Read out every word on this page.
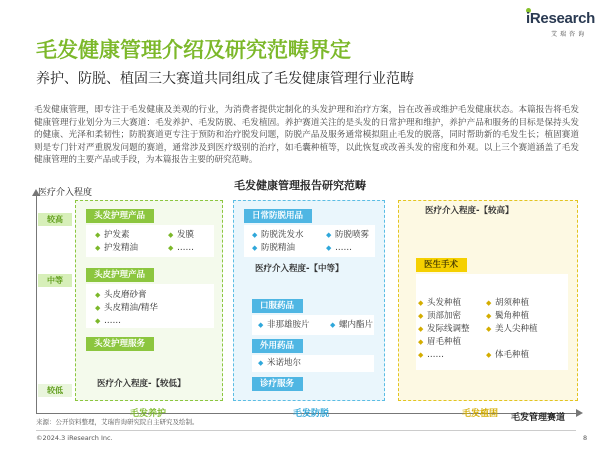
iResearch
艾瑞咨询
毛发健康管理介绍及研究范畴界定
养护、防脱、植固三大赛道共同组成了毛发健康管理行业范畴
毛发健康管理，即专注于毛发健康及美观的行业，为消费者提供定制化的头发护理和治疗方案，旨在改善或维护毛发健康状态。本篇报告将毛发健康管理行业划分为三大赛道：毛发养护、毛发防脱、毛发植固。养护赛道关注的是头发的日常护理和维护，养护产品和服务的目标是保持头发的健康、光泽和柔韧性；防脱赛道更专注于预防和治疗脱发问题，防脱产品及服务通常模拟阻止毛发的脱落，同时帮助新的毛发生长；植固赛道则是专门针对严重脱发问题的赛道，通常涉及到医疗级别的治疗，如毛囊种植等，以此恢复或改善头发的密度和外观。以上三个赛道涵盖了毛发健康管理的主要产品或手段，为本篇报告主要的研究范畴。
毛发健康管理报告研究范畴
医疗介入程度
毛发管理赛道
较高
中等
较低
头发护理产品
◆ 护发素	◆ 发膜
◆ 护发精油	◆ ……
头皮护理产品
◆ 头皮磨砂膏
◆ 头皮精油/精华
◆ ……
头发护理服务
医疗介入程度-【较低】
日常防脱用品
◆ 防脱洗发水	◆ 防脱喷雾
◆ 防脱精油	◆ ……
医疗介入程度-【中等】
口服药品
◆ 非那雄胺片	◆ 螺内酯片
外用药品
◆ 米诺地尔
诊疗服务
医疗介入程度-【较高】
医生手术
◆ 头发种植
◆ 顶部加密
◆ 发际线调整
◆ 眉毛种植
◆ ……
◆ 胡须种植
◆ 鬓角种植
◆ 美人尖种植
◆ 体毛种植
毛发养护	毛发防脱	毛发植固
来源：公开资料整理，艾瑞咨询研究院自主研究及绘制。
©2024.3 iResearch Inc.	8
